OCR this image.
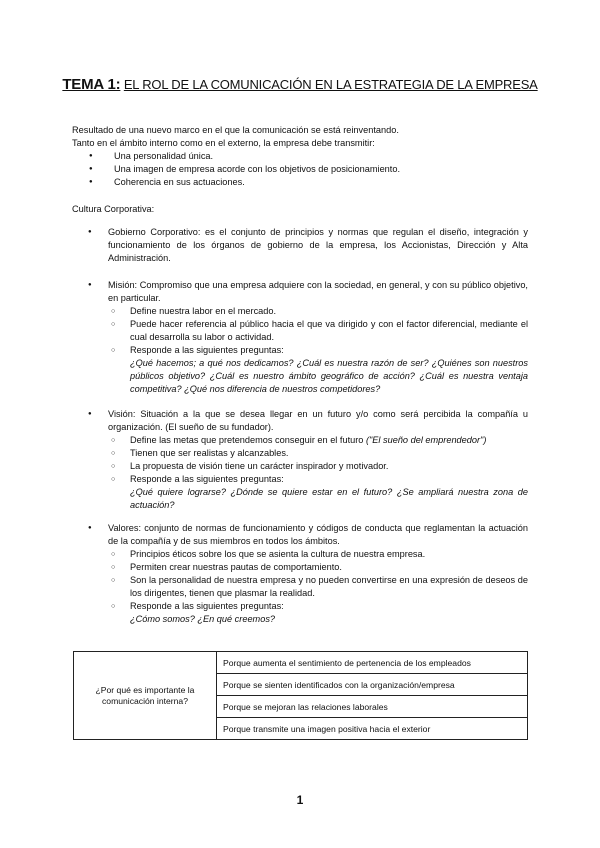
TEMA 1: EL ROL DE LA COMUNICACIÓN EN LA ESTRATEGIA DE LA EMPRESA

Resultado de una nuevo marco en el que la comunicación se está reinventando.

Tanto en el ámbito interno como en el externo, la empresa debe transmitir:

● Una personalidad única.
● Una imagen de empresa acorde con los objetivos de posicionamiento.
● Coherencia en sus actuaciones.
Cultura Corporativa:

● Gobierno Corporativo: es el conjunto de principios y normas que regulan el diseño, integración y funcionamiento de los órganos de gobierno de la empresa, los Accionistas, Dirección y Alta Administración.

● Misión: Compromiso que una empresa adquiere con la sociedad, en general, y con su público objetivo, en particular.

○ Define nuestra labor en el mercado.
○ Puede hacer referencia al público hacia el que va dirigido y con el factor diferencial, mediante el cual desarrolla su labor o actividad.
○ Responde a las siguientes preguntas:
¿Qué hacemos; a qué nos dedicamos? ¿Cuál es nuestra razón de ser? ¿Quiénes son nuestros públicos objetivo? ¿Cuál es nuestro ámbito geográfico de acción? ¿Cuál es nuestra ventaja competitiva? ¿Qué nos diferencia de nuestros competidores?

● Visión: Situación a la que se desea llegar en un futuro y/o como será percibida la compañía u organización. (El sueño de su fundador).

○ Define las metas que pretendemos conseguir en el futuro ("El sueño del emprendedor")
○ Tienen que ser realistas y alcanzables.
○ La propuesta de visión tiene un carácter inspirador y motivador.
○ Responde a las siguientes preguntas:
¿Qué quiere lograrse? ¿Dónde se quiere estar en el futuro? ¿Se ampliará nuestra zona de actuación?

● Valores: conjunto de normas de funcionamiento y códigos de conducta que reglamentan la actuación de la compañía y de sus miembros en todos los ámbitos.

○ Principios éticos sobre los que se asienta la cultura de nuestra empresa.
○ Permiten crear nuestras pautas de comportamiento.
○ Son la personalidad de nuestra empresa y no pueden convertirse en una expresión de deseos de los dirigentes, tienen que plasmar la realidad.
○ Responde a las siguientes preguntas:
¿Cómo somos? ¿En qué creemos?
¿Por qué es importante la comunicación interna?	Porque aumenta el sentimiento de pertenencia de los empleados
Porque se sienten identificados con la organización/empresa
Porque se mejoran las relaciones laborales
Porque transmite una imagen positiva hacia el exterior
1
